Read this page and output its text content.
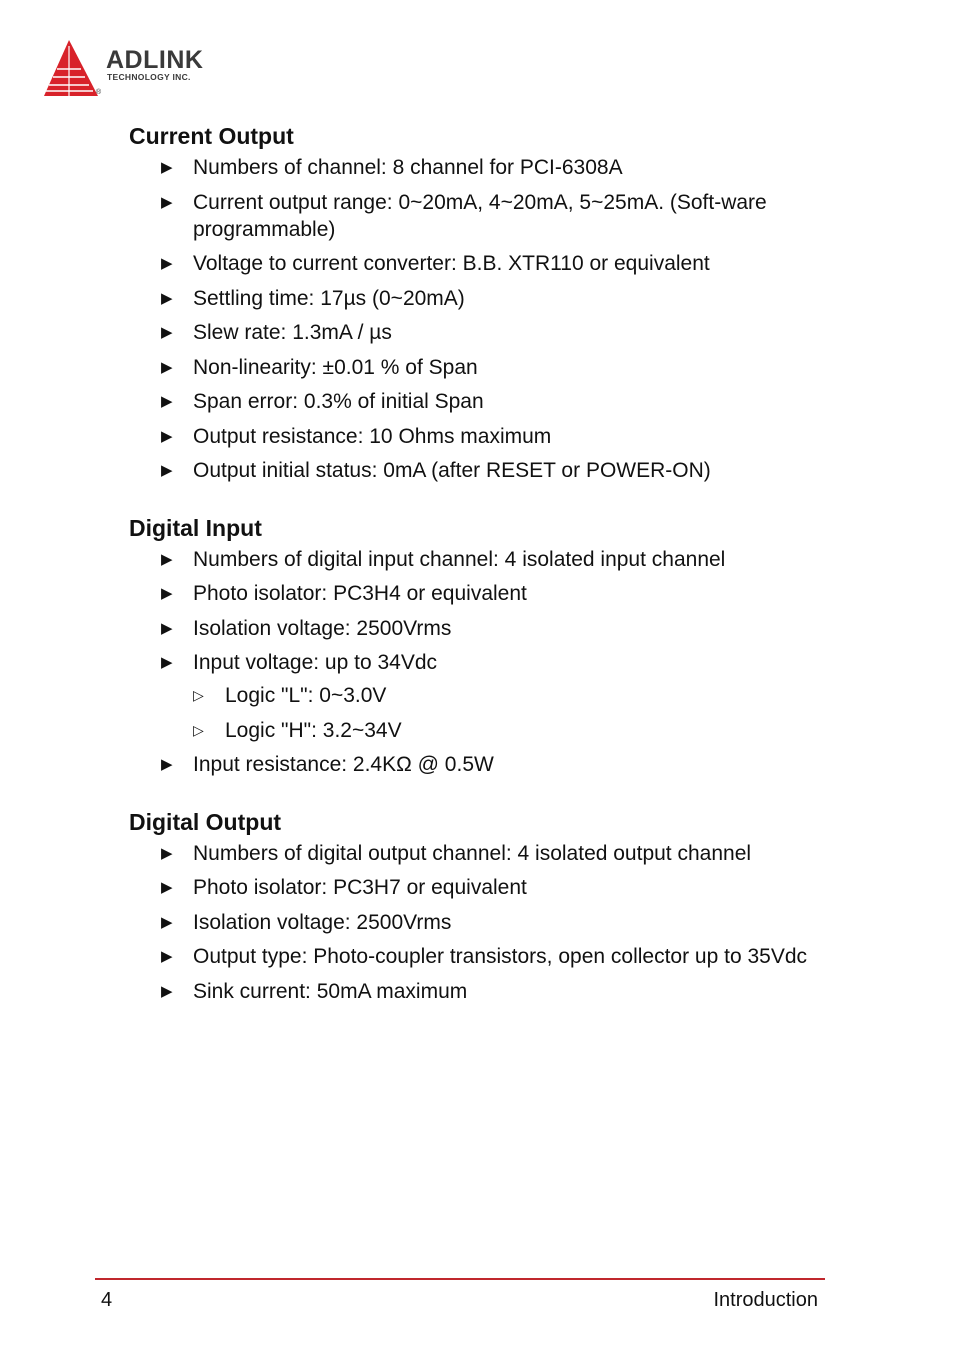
ADLINK
TECHNOLOGY INC.
®
Current Output
▶ Numbers of channel: 8 channel for PCI-6308A
▶ Current output range: 0~20mA, 4~20mA, 5~25mA. (Soft-ware programmable)
▶ Voltage to current converter: B.B. XTR110 or equivalent
▶ Settling time: 17µs (0~20mA)
▶ Slew rate: 1.3mA / µs
▶ Non-linearity: ±0.01 % of Span
▶ Span error: 0.3% of initial Span
▶ Output resistance: 10 Ohms maximum
▶ Output initial status: 0mA (after RESET or POWER-ON)
Digital Input
▶ Numbers of digital input channel: 4 isolated input channel
▶ Photo isolator: PC3H4 or equivalent
▶ Isolation voltage: 2500Vrms
▶ Input voltage: up to 34Vdc
▷ Logic "L": 0~3.0V
▷ Logic "H": 3.2~34V
▶ Input resistance: 2.4KΩ @ 0.5W
Digital Output
▶ Numbers of digital output channel: 4 isolated output channel
▶ Photo isolator: PC3H7 or equivalent
▶ Isolation voltage: 2500Vrms
▶ Output type: Photo-coupler transistors, open collector up to 35Vdc
▶ Sink current: 50mA maximum
4	Introduction
